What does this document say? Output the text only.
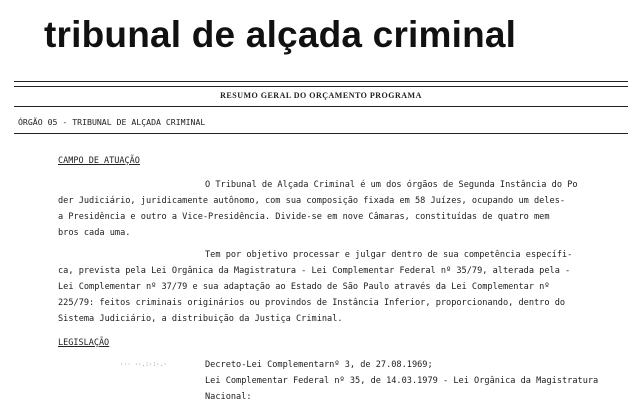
tribunal de alçada criminal
RESUMO GERAL DO ORÇAMENTO PROGRAMA
ÓRGÃO 05 - TRIBUNAL DE ALÇADA CRIMINAL
CAMPO DE ATUAÇÃO
O Tribunal de Alçada Criminal é um dos órgãos de Segunda Instância do Po
der Judiciário, juridicamente autônomo, com sua composição fixada em 58 Juízes, ocupando um deles-
a Presidência e outro a Vice-Presidência. Divide-se em nove Câmaras, constituídas de quatro mem
bros cada uma.
Tem por objetivo processar e julgar dentro de sua competência específi-
ca, prevista pela Lei Orgânica da Magistratura - Lei Complementar Federal nº 35/79, alterada pela -
Lei Complementar nº 37/79 e sua adaptação ao Estado de São Paulo através da Lei Complementar nº
225/79: feitos criminais originários ou provindos de Instância Inferior, proporcionando, dentro do
Sistema Judiciário, a distribuição da Justiça Criminal.
LEGISLAÇÃO
··· ··.:·:·.·	Decreto-Lei Complementarnº 3, de 27.08.1969;
Lei Complementar Federal nº 35, de 14.03.1979 - Lei Orgânica da Magistratura
Nacional:
